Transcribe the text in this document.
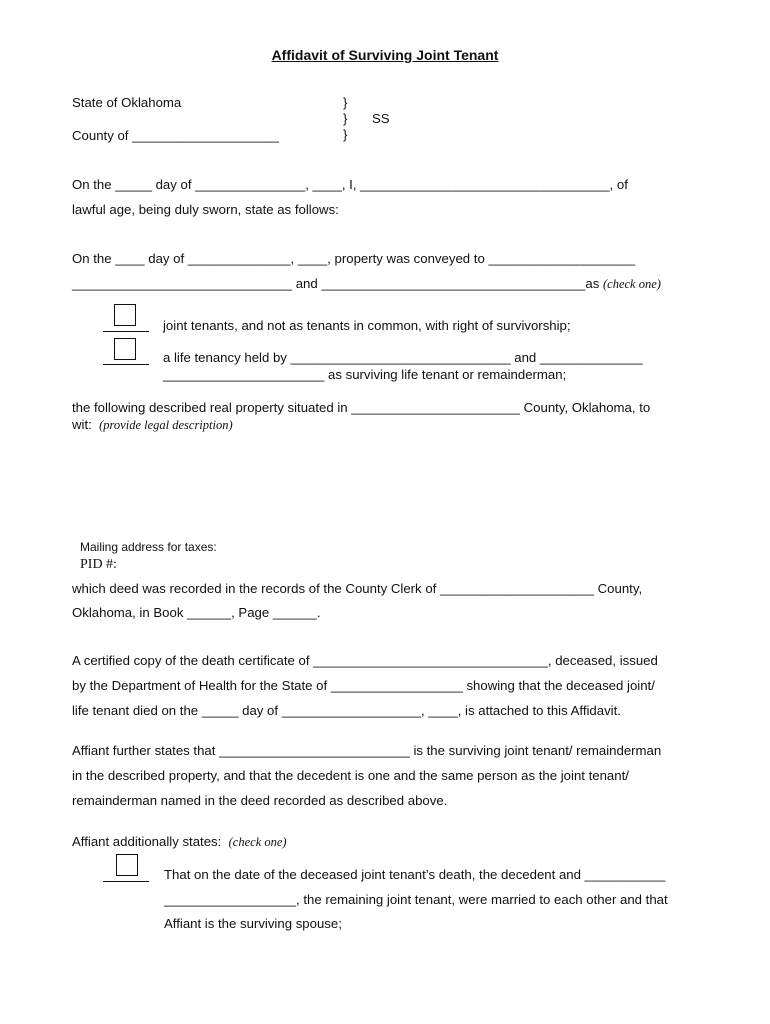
Affidavit of Surviving Joint Tenant
State of Oklahoma
County of ____________________
}
}
}
SS
On the _____ day of _______________, ____, I, __________________________________, of
lawful age, being duly sworn, state as follows:
On the ____ day of ______________, ____, property was conveyed to ____________________
______________________________ and ____________________________________as (check one)
joint tenants, and not as tenants in common, with right of survivorship;
a life tenancy held by ______________________________ and ______________
______________________ as surviving life tenant or remainderman;
the following described real property situated in _______________________ County, Oklahoma, to
wit: (provide legal description)
Mailing address for taxes:
PID #:
which deed was recorded in the records of the County Clerk of _____________________ County,
Oklahoma, in Book ______, Page ______.
A certified copy of the death certificate of ________________________________, deceased, issued
by the Department of Health for the State of __________________ showing that the deceased joint/
life tenant died on the _____ day of ___________________, ____, is attached to this Affidavit.
Affiant further states that __________________________ is the surviving joint tenant/ remainderman
in the described property, and that the decedent is one and the same person as the joint tenant/
remainderman named in the deed recorded as described above.
Affiant additionally states: (check one)
That on the date of the deceased joint tenant’s death, the decedent and ___________
__________________, the remaining joint tenant, were married to each other and that
Affiant is the surviving spouse;
